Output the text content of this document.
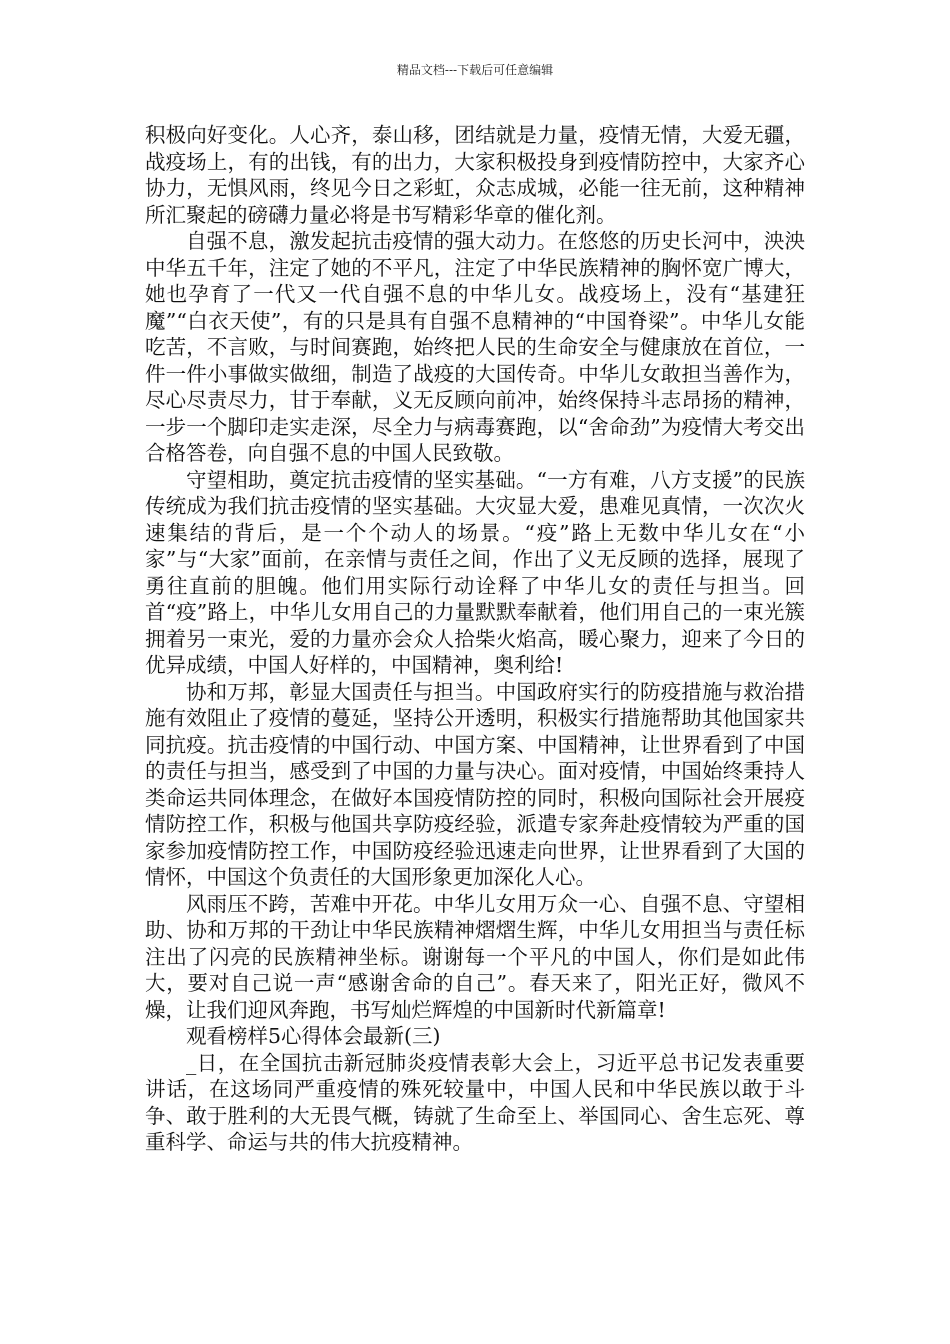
精品文档---下载后可任意编辑

积极向好变化。人心齐，泰山移，团结就是力量，疫情无情，大爱无疆，战疫场上，有的出钱，有的出力，大家积极投身到疫情防控中，大家齐心协力，无惧风雨，终见今日之彩虹，众志成城，必能一往无前，这种精神所汇聚起的磅礴力量必将是书写精彩华章的催化剂。

自强不息，激发起抗击疫情的强大动力。在悠悠的历史长河中，泱泱中华五千年，注定了她的不平凡，注定了中华民族精神的胸怀宽广博大，她也孕育了一代又一代自强不息的中华儿女。战疫场上，没有“基建狂魔”“白衣天使”，有的只是具有自强不息精神的“中国脊梁”。中华儿女能吃苦，不言败，与时间赛跑，始终把人民的生命安全与健康放在首位，一件一件小事做实做细，制造了战疫的大国传奇。中华儿女敢担当善作为，尽心尽责尽力，甘于奉献，义无反顾向前冲，始终保持斗志昂扬的精神，一步一个脚印走实走深，尽全力与病毒赛跑，以“舍命劲”为疫情大考交出合格答卷，向自强不息的中国人民致敬。

守望相助，奠定抗击疫情的坚实基础。“一方有难，八方支援”的民族传统成为我们抗击疫情的坚实基础。大灾显大爱，患难见真情，一次次火速集结的背后，是一个个动人的场景。“疫”路上无数中华儿女在“小家”与“大家”面前，在亲情与责任之间，作出了义无反顾的选择，展现了勇往直前的胆魄。他们用实际行动诠释了中华儿女的责任与担当。回首“疫”路上，中华儿女用自己的力量默默奉献着，他们用自己的一束光簇拥着另一束光，爱的力量亦会众人拾柴火焰高，暖心聚力，迎来了今日的优异成绩，中国人好样的，中国精神，奥利给!

协和万邦，彰显大国责任与担当。中国政府实行的防疫措施与救治措施有效阻止了疫情的蔓延，坚持公开透明，积极实行措施帮助其他国家共同抗疫。抗击疫情的中国行动、中国方案、中国精神，让世界看到了中国的责任与担当，感受到了中国的力量与决心。面对疫情，中国始终秉持人类命运共同体理念，在做好本国疫情防控的同时，积极向国际社会开展疫情防控工作，积极与他国共享防疫经验，派遣专家奔赴疫情较为严重的国家参加疫情防控工作，中国防疫经验迅速走向世界，让世界看到了大国的情怀，中国这个负责任的大国形象更加深化人心。

风雨压不跨，苦难中开花。中华儿女用万众一心、自强不息、守望相助、协和万邦的干劲让中华民族精神熠熠生辉，中华儿女用担当与责任标注出了闪亮的民族精神坐标。谢谢每一个平凡的中国人，你们是如此伟大，要对自己说一声“感谢舍命的自己”。春天来了，阳光正好，微风不燥，让我们迎风奔跑，书写灿烂辉煌的中国新时代新篇章!

观看榜样5心得体会最新(三)

_日，在全国抗击新冠肺炎疫情表彰大会上，习近平总书记发表重要讲话，在这场同严重疫情的殊死较量中，中国人民和中华民族以敢于斗争、敢于胜利的大无畏气概，铸就了生命至上、举国同心、舍生忘死、尊重科学、命运与共的伟大抗疫精神。
